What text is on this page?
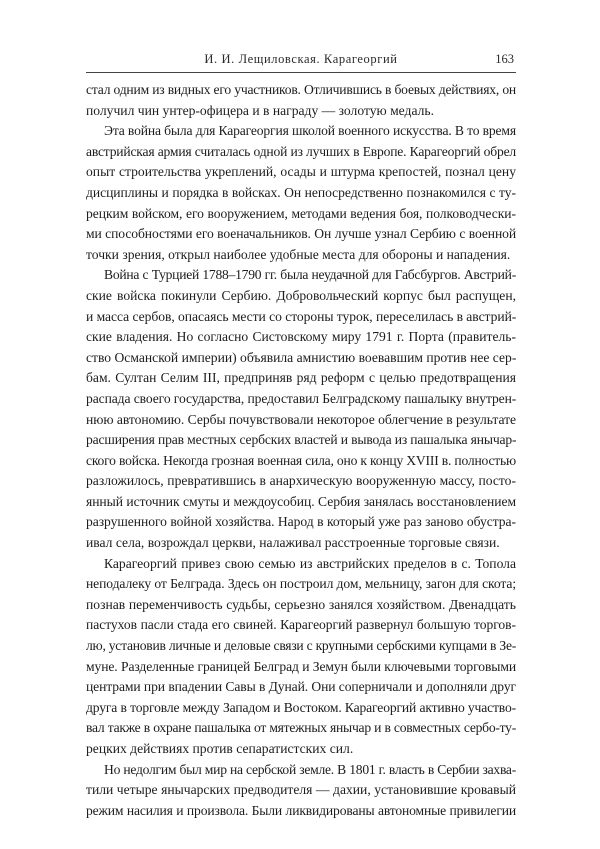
И. И. Лещиловская. Карагеоргий	163
стал одним из видных его участников. Отличившись в боевых действиях, он
получил чин унтер-офицера и в награду — золотую медаль.
Эта война была для Карагеоргия школой военного искусства. В то время
австрийская армия считалась одной из лучших в Европе. Карагеоргий обрел
опыт строительства укреплений, осады и штурма крепостей, познал цену
дисциплины и порядка в войсках. Он непосредственно познакомился с ту-
рецким войском, его вооружением, методами ведения боя, полководчески-
ми способностями его военачальников. Он лучше узнал Сербию с военной
точки зрения, открыл наиболее удобные места для обороны и нападения.
Война с Турцией 1788–1790 гг. была неудачной для Габсбургов. Австрий-
ские войска покинули Сербию. Добровольческий корпус был распущен,
и масса сербов, опасаясь мести со стороны турок, переселилась в австрий-
ские владения. Но согласно Систовскому миру 1791 г. Порта (правитель-
ство Османской империи) объявила амнистию воевавшим против нее сер-
бам. Султан Селим III, предприняв ряд реформ с целью предотвращения
распада своего государства, предоставил Белградскому пашалыку внутрен-
нюю автономию. Сербы почувствовали некоторое облегчение в результате
расширения прав местных сербских властей и вывода из пашалыка янычар-
ского войска. Некогда грозная военная сила, оно к концу XVIII в. полностью
разложилось, превратившись в анархическую вооруженную массу, посто-
янный источник смуты и междоусобиц. Сербия занялась восстановлением
разрушенного войной хозяйства. Народ в который уже раз заново обустра-
ивал села, возрождал церкви, налаживал расстроенные торговые связи.
Карагеоргий привез свою семью из австрийских пределов в с. Топола
неподалеку от Белграда. Здесь он построил дом, мельницу, загон для скота;
познав переменчивость судьбы, серьезно занялся хозяйством. Двенадцать
пастухов пасли стада его свиней. Карагеоргий развернул большую торгов-
лю, установив личные и деловые связи с крупными сербскими купцами в Зе-
муне. Разделенные границей Белград и Земун были ключевыми торговыми
центрами при впадении Савы в Дунай. Они соперничали и дополняли друг
друга в торговле между Западом и Востоком. Карагеоргий активно участво-
вал также в охране пашалыка от мятежных янычар и в совместных сербо-ту-
рецких действиях против сепаратистских сил.
Но недолгим был мир на сербской земле. В 1801 г. власть в Сербии захва-
тили четыре янычарских предводителя — дахии, установившие кровавый
режим насилия и произвола. Были ликвидированы автономные привилегии
